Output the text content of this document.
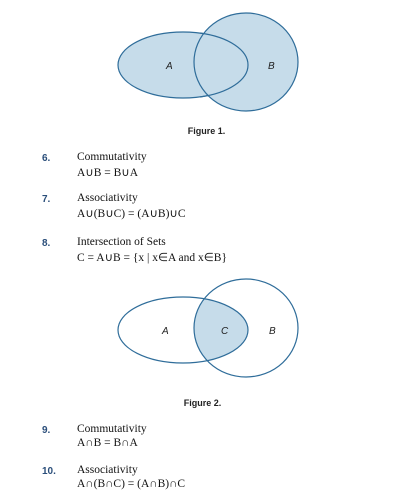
A	B
Figure 1.
6. Commutativity
A∪B = B∪A
7. Associativity
A∪(B∪C) = (A∪B)∪C
8. Intersection of Sets
C = A∪B = {x | x∈A and x∈B}
A	C	B
Figure 2.
9. Commutativity
A∩B = B∩A
10. Associativity
A∩(B∩C) = (A∩B)∩C
